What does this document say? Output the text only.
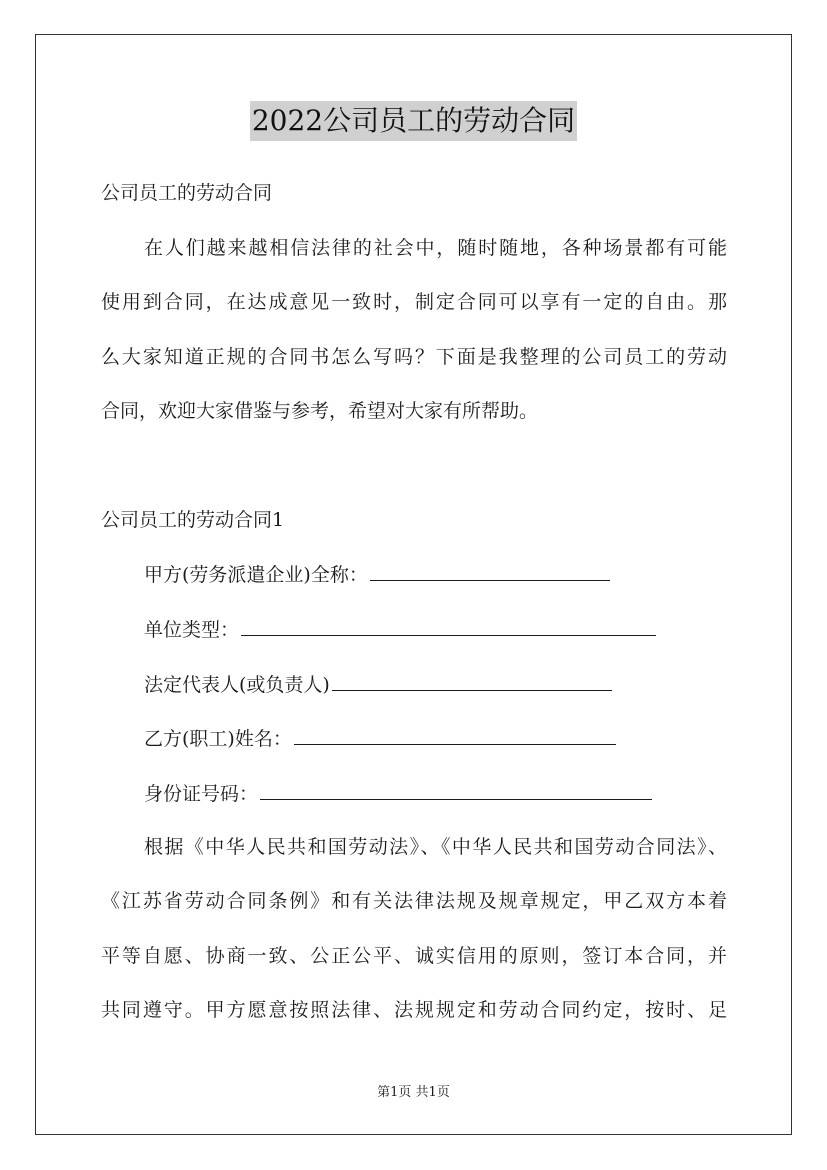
2022公司员工的劳动合同
公司员工的劳动合同
在人们越来越相信法律的社会中，随时随地，各种场景都有可能
使用到合同，在达成意见一致时，制定合同可以享有一定的自由。那
么大家知道正规的合同书怎么写吗？下面是我整理的公司员工的劳动
合同，欢迎大家借鉴与参考，希望对大家有所帮助。
公司员工的劳动合同1
甲方(劳务派遣企业)全称：
单位类型：
法定代表人(或负责人)
乙方(职工)姓名：
身份证号码：
根据《中华人民共和国劳动法》、《中华人民共和国劳动合同法》、
《江苏省劳动合同条例》和有关法律法规及规章规定，甲乙双方本着
平等自愿、协商一致、公正公平、诚实信用的原则，签订本合同，并
共同遵守。甲方愿意按照法律、法规规定和劳动合同约定，按时、足
第1页 共1页
